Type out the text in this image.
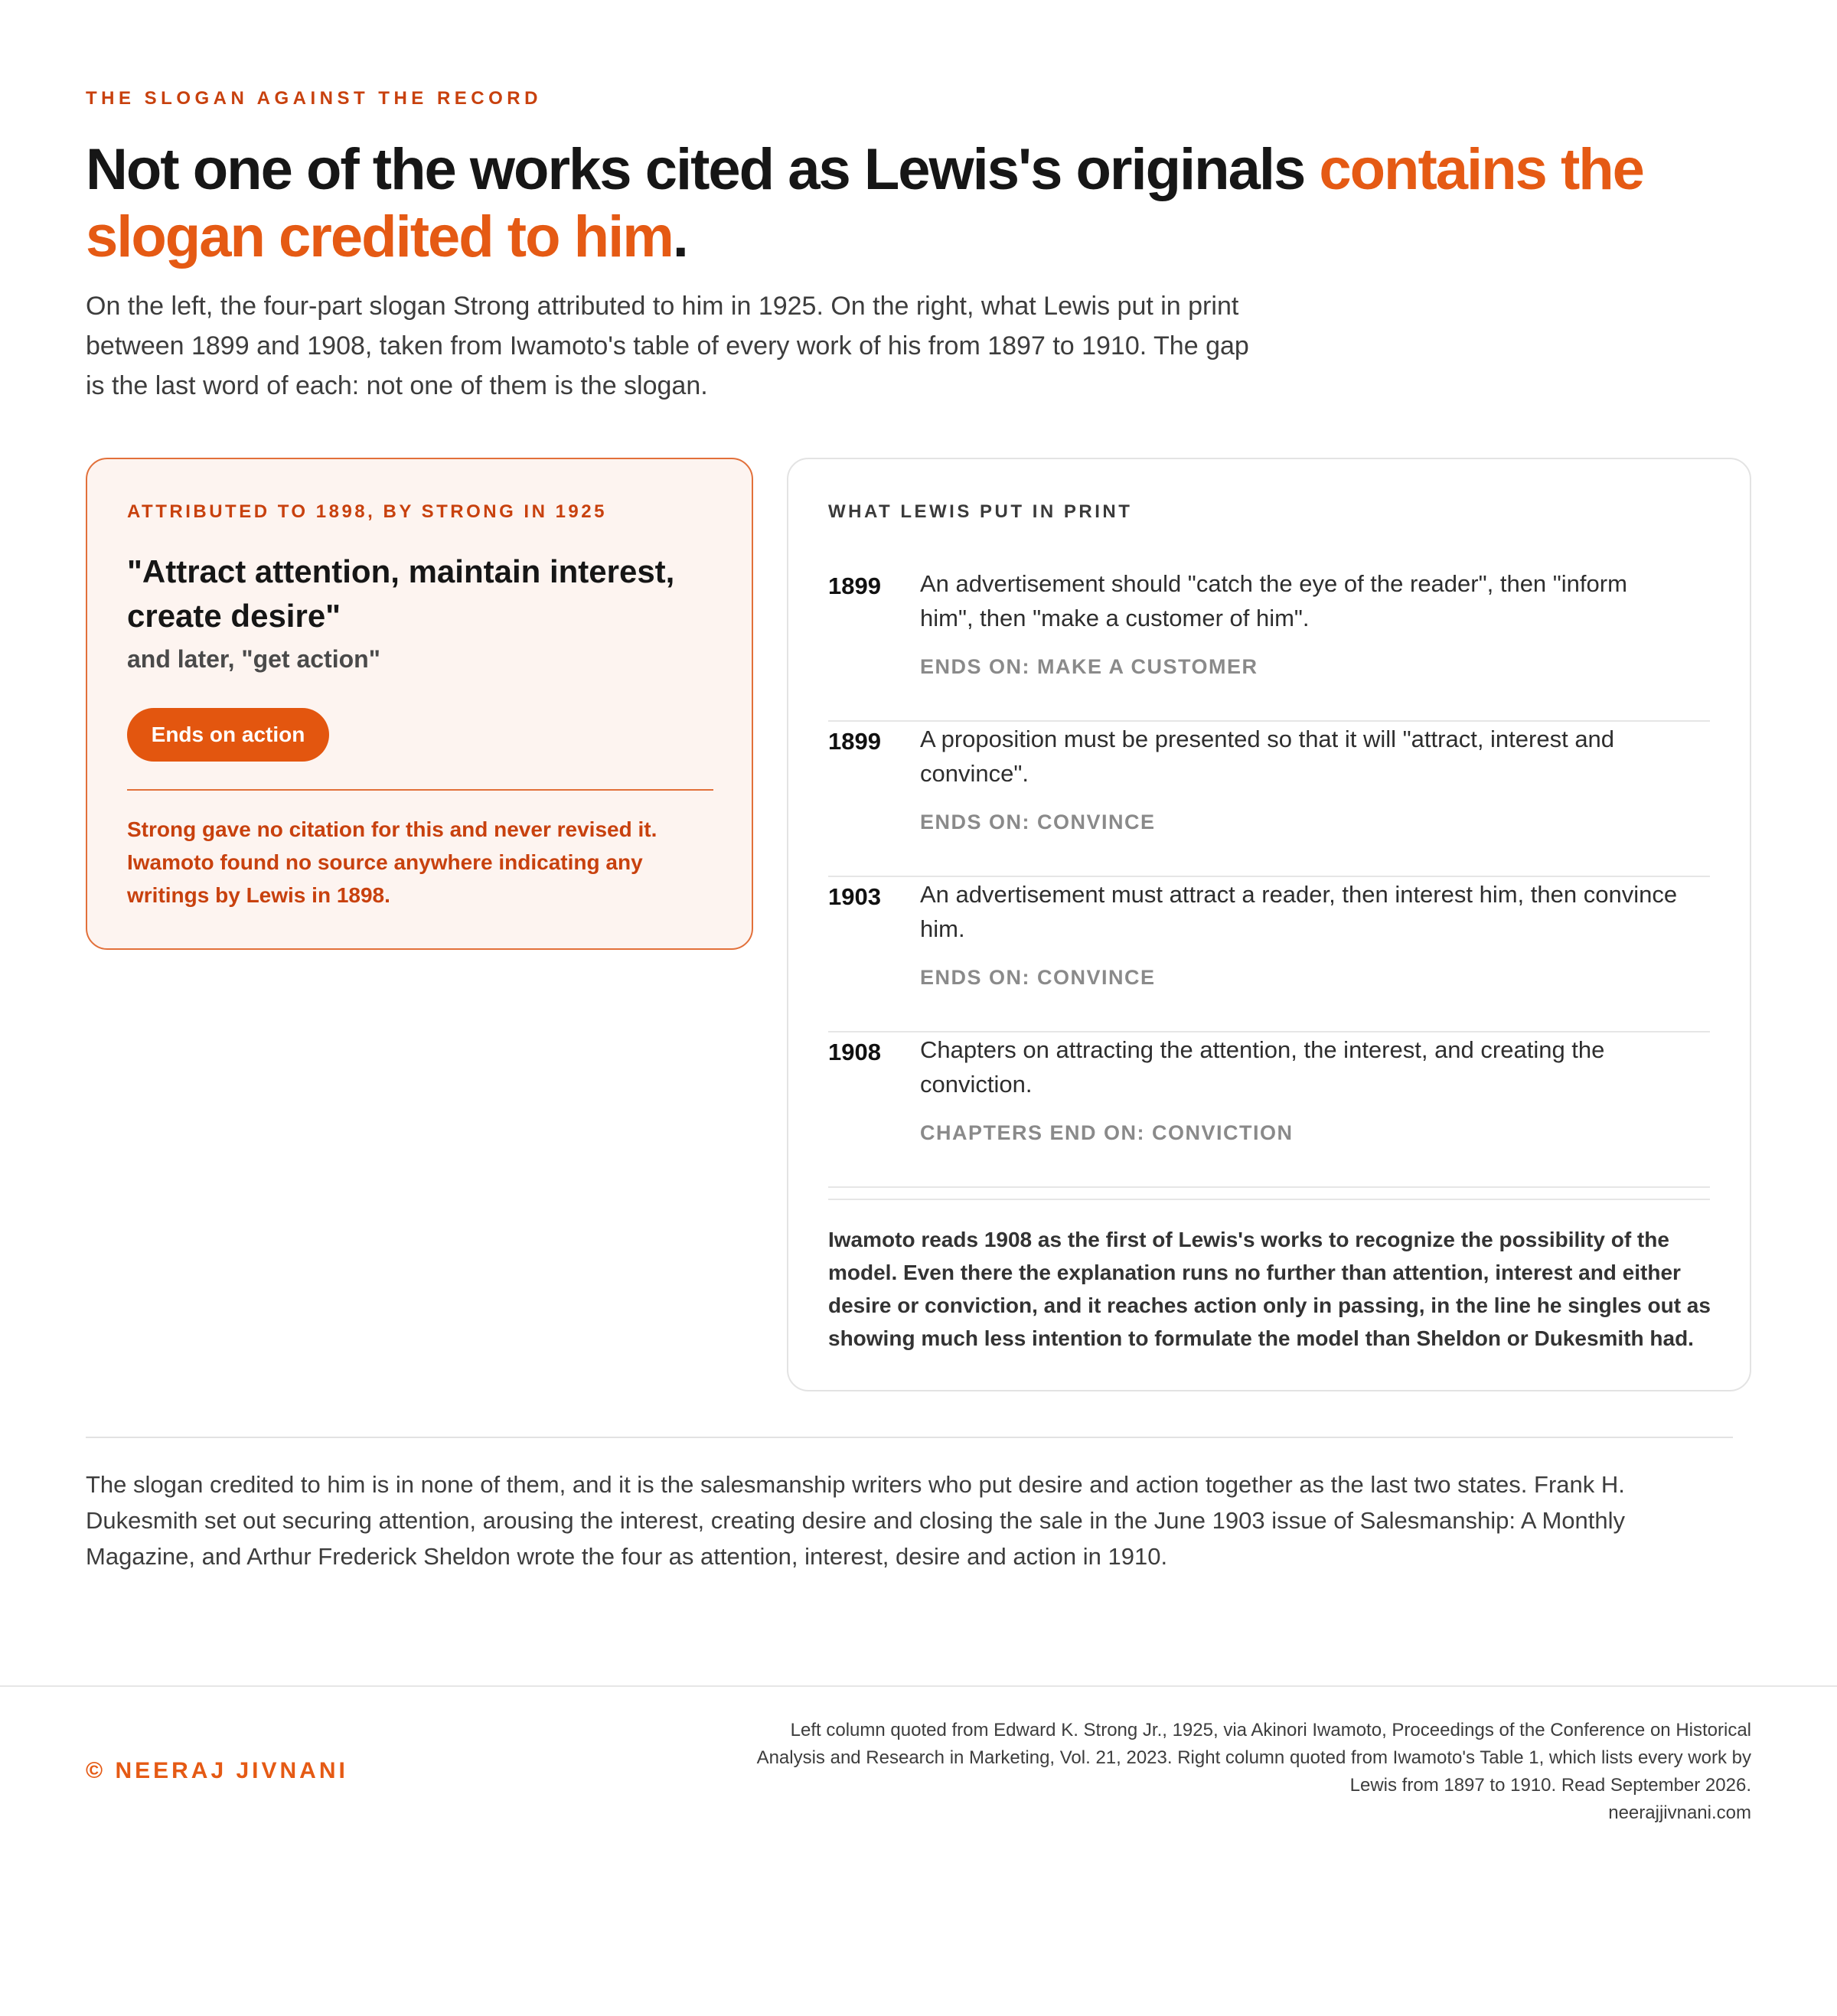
THE SLOGAN AGAINST THE RECORD
Not one of the works cited as Lewis's originals contains the slogan credited to him.

On the left, the four-part slogan Strong attributed to him in 1925. On the right, what Lewis put in print between 1899 and 1908, taken from Iwamoto's table of every work of his from 1897 to 1910. The gap is the last word of each: not one of them is the slogan.

ATTRIBUTED TO 1898, BY STRONG IN 1925
"Attract attention, maintain interest, create desire"
and later, "get action"
Ends on action
Strong gave no citation for this and never revised it. Iwamoto found no source anywhere indicating any writings by Lewis in 1898.
WHAT LEWIS PUT IN PRINT
1899 An advertisement should "catch the eye of the reader", then "inform him", then "make a customer of him".
ENDS ON: MAKE A CUSTOMER
1899 A proposition must be presented so that it will "attract, interest and convince".
ENDS ON: CONVINCE
1903 An advertisement must attract a reader, then interest him, then convince him.
ENDS ON: CONVINCE
1908 Chapters on attracting the attention, the interest, and creating the conviction.
CHAPTERS END ON: CONVICTION
Iwamoto reads 1908 as the first of Lewis's works to recognize the possibility of the model. Even there the explanation runs no further than attention, interest and either desire or conviction, and it reaches action only in passing, in the line he singles out as showing much less intention to formulate the model than Sheldon or Dukesmith had.

The slogan credited to him is in none of them, and it is the salesmanship writers who put desire and action together as the last two states. Frank H. Dukesmith set out securing attention, arousing the interest, creating desire and closing the sale in the June 1903 issue of Salesmanship: A Monthly Magazine, and Arthur Frederick Sheldon wrote the four as attention, interest, desire and action in 1910.

© NEERAJ JIVNANI
Left column quoted from Edward K. Strong Jr., 1925, via Akinori Iwamoto, Proceedings of the Conference on Historical Analysis and Research in Marketing, Vol. 21, 2023. Right column quoted from Iwamoto's Table 1, which lists every work by Lewis from 1897 to 1910. Read September 2026.
neerajjivnani.com
